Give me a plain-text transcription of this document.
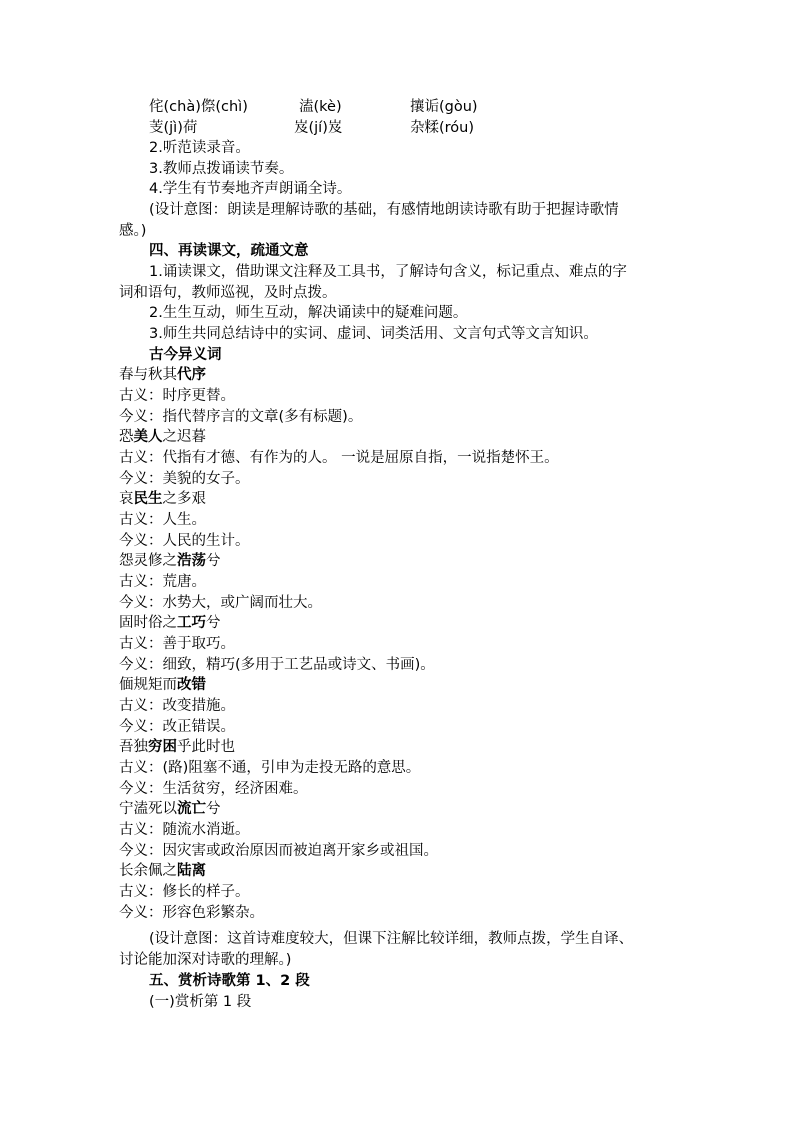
侘(chà)傺(chì)	溘(kè)	攘诟(gòu)
芰(jì)荷	岌(jí)岌	杂糅(róu)
2.听范读录音。
3.教师点拨诵读节奏。
4.学生有节奏地齐声朗诵全诗。
(设计意图：朗读是理解诗歌的基础，有感情地朗读诗歌有助于把握诗歌情
感。)
四、再读课文，疏通文意
1.诵读课文，借助课文注释及工具书，了解诗句含义，标记重点、难点的字
词和语句，教师巡视，及时点拨。
2.生生互动，师生互动，解决诵读中的疑难问题。
3.师生共同总结诗中的实词、虚词、词类活用、文言句式等文言知识。
古今异义词
春与秋其代序
古义：时序更替。
今义：指代替序言的文章(多有标题)。
恐美人之迟暮
古义：代指有才德、有作为的人。 一说是屈原自指，一说指楚怀王。
今义：美貌的女子。
哀民生之多艰
古义：人生。
今义：人民的生计。
怨灵修之浩荡兮
古义：荒唐。
今义：水势大，或广阔而壮大。
固时俗之工巧兮
古义：善于取巧。
今义：细致，精巧(多用于工艺品或诗文、书画)。
偭规矩而改错
古义：改变措施。
今义：改正错误。
吾独穷困乎此时也
古义：(路)阻塞不通，引申为走投无路的意思。
今义：生活贫穷，经济困难。
宁溘死以流亡兮
古义：随流水消逝。
今义：因灾害或政治原因而被迫离开家乡或祖国。
长余佩之陆离
古义：修长的样子。
今义：形容色彩繁杂。
(设计意图：这首诗难度较大，但课下注解比较详细，教师点拨，学生自译、
讨论能加深对诗歌的理解。)
五、赏析诗歌第 1、2 段
(一)赏析第 1 段
